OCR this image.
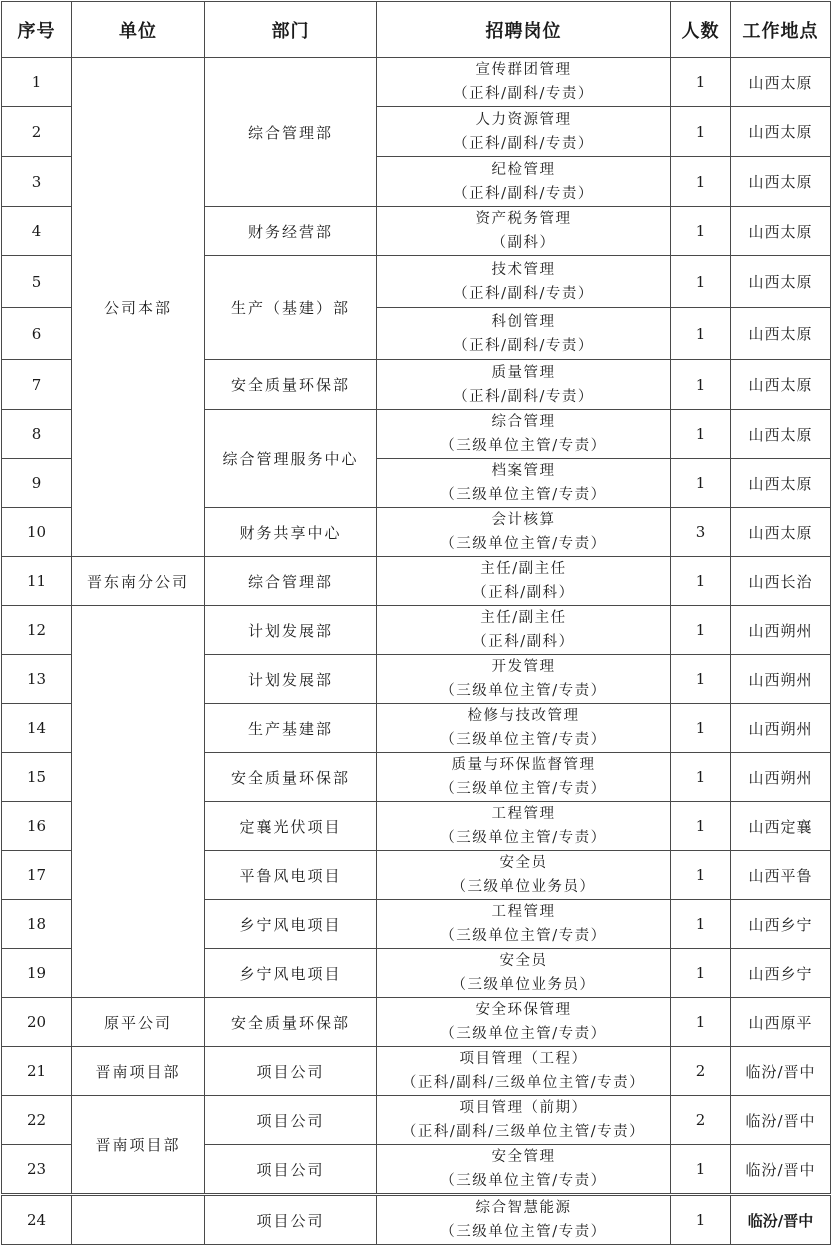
序号	单位	部门	招聘岗位	人数	工作地点
1	公司本部	综合管理部	宣传群团管理
（正科/副科/专责）	1	山西太原
2			人力资源管理
（正科/副科/专责）	1	山西太原
3			纪检管理
（正科/副科/专责）	1	山西太原
4		财务经营部	资产税务管理
（副科）	1	山西太原
5		生产（基建）部	技术管理
（正科/副科/专责）	1	山西太原
6			科创管理
（正科/副科/专责）	1	山西太原
7		安全质量环保部	质量管理
（正科/副科/专责）	1	山西太原
8		综合管理服务中心	综合管理
（三级单位主管/专责）	1	山西太原
9			档案管理
（三级单位主管/专责）	1	山西太原
10		财务共享中心	会计核算
（三级单位主管/专责）	3	山西太原
11	晋东南分公司	综合管理部	主任/副主任
（正科/副科）	1	山西长治
12		计划发展部	主任/副主任
（正科/副科）	1	山西朔州
13		计划发展部	开发管理
（三级单位主管/专责）	1	山西朔州
14		生产基建部	检修与技改管理
（三级单位主管/专责）	1	山西朔州
15		安全质量环保部	质量与环保监督管理
（三级单位主管/专责）	1	山西朔州
16		定襄光伏项目	工程管理
（三级单位主管/专责）	1	山西定襄
17		平鲁风电项目	安全员
（三级单位业务员）	1	山西平鲁
18		乡宁风电项目	工程管理
（三级单位主管/专责）	1	山西乡宁
19		乡宁风电项目	安全员
（三级单位业务员）	1	山西乡宁
20	原平公司	安全质量环保部	安全环保管理
（三级单位主管/专责）	1	山西原平
21	晋南项目部	项目公司	项目管理（工程）
（正科/副科/三级单位主管/专责）	2	临汾/晋中
22	晋南项目部	项目公司	项目管理（前期）
（正科/副科/三级单位主管/专责）	2	临汾/晋中
23		项目公司	安全管理
（三级单位主管/专责）	1	临汾/晋中
24		项目公司	综合智慧能源
（三级单位主管/专责）	1	临汾/晋中
